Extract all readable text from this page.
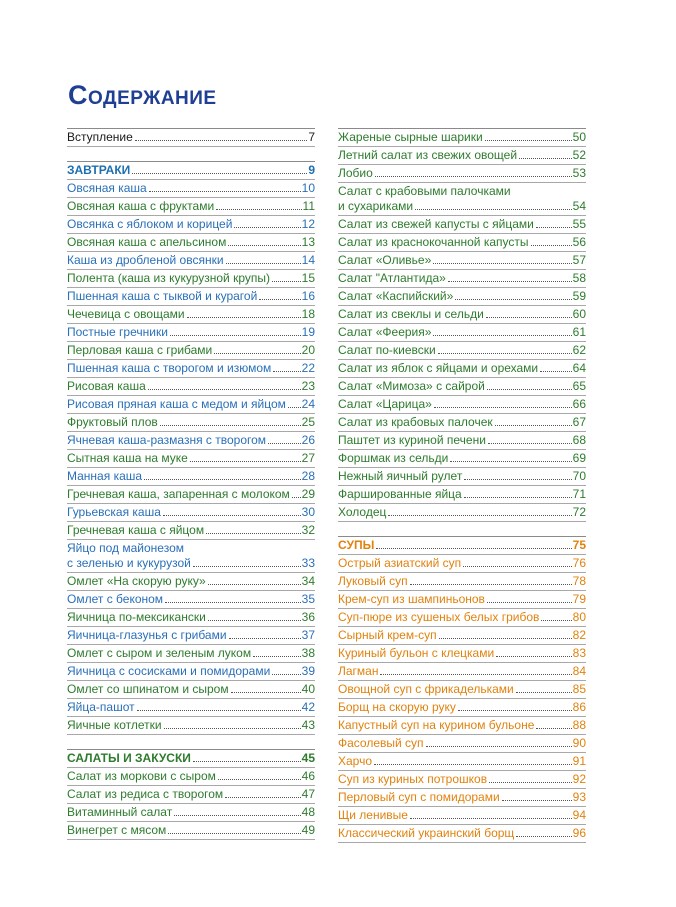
Содержание
Вступление	7
ЗАВТРАКИ	9
Овсяная каша	10
Овсяная каша с фруктами	11
Овсянка с яблоком и корицей	12
Овсяная каша с апельсином	13
Каша из дробленой овсянки	14
Полента (каша из кукурузной крупы)	15
Пшенная каша с тыквой и курагой	16
Чечевица с овощами	18
Постные гречники	19
Перловая каша с грибами	20
Пшенная каша с творогом и изюмом	22
Рисовая каша	23
Рисовая пряная каша с медом и яйцом 24
Фруктовый плов	25
Ячневая каша-размазня с творогом	26
Сытная каша на муке	27
Манная каша	28
Гречневая каша, запаренная с молоком 29
Гурьевская каша	30
Гречневая каша с яйцом	32
Яйцо под майонезом
с зеленью и кукурузой	33
Омлет «На скорую руку»	34
Омлет с беконом	35
Яичница по-мексикански	36
Яичница-глазунья с грибами	37
Омлет с сыром и зеленым луком	38
Яичница с сосисками и помидорами	39
Омлет со шпинатом и сыром	40
Яйца-пашот	42
Яичные котлетки	43
САЛАТЫ И ЗАКУСКИ	45
Салат из моркови с сыром	46
Салат из редиса с творогом	47
Витаминный салат	48
Винегрет с мясом	49
Жареные сырные шарики	50
Летний салат из свежих овощей	52
Лобио	53
Салат с крабовыми палочками
и сухариками	54
Салат из свежей капусты с яйцами	55
Салат из краснокочанной капусты	56
Салат «Оливье»	57
Салат "Атлантида»	58
Салат «Каспийский»	59
Салат из свеклы и сельди	60
Салат «Феерия»	61
Салат по-киевски	62
Салат из яблок с яйцами и орехами	64
Салат «Мимоза» с сайрой	65
Салат «Царица»	66
Салат из крабовых палочек	67
Паштет из куриной печени	68
Форшмак из сельди	69
Нежный яичный рулет	70
Фаршированные яйца	71
Холодец	72
СУПЫ	75
Острый азиатский суп	76
Луковый суп	78
Крем-суп из шампиньонов	79
Суп-пюре из сушеных белых грибов	80
Сырный крем-суп	82
Куриный бульон с клецками	83
Лагман	84
Овощной суп с фрикадельками	85
Борщ на скорую руку	86
Капустный суп на курином бульоне	88
Фасолевый суп	90
Харчо	91
Суп из куриных потрошков	92
Перловый суп с помидорами	93
Щи ленивые	94
Классический украинский борщ	96
